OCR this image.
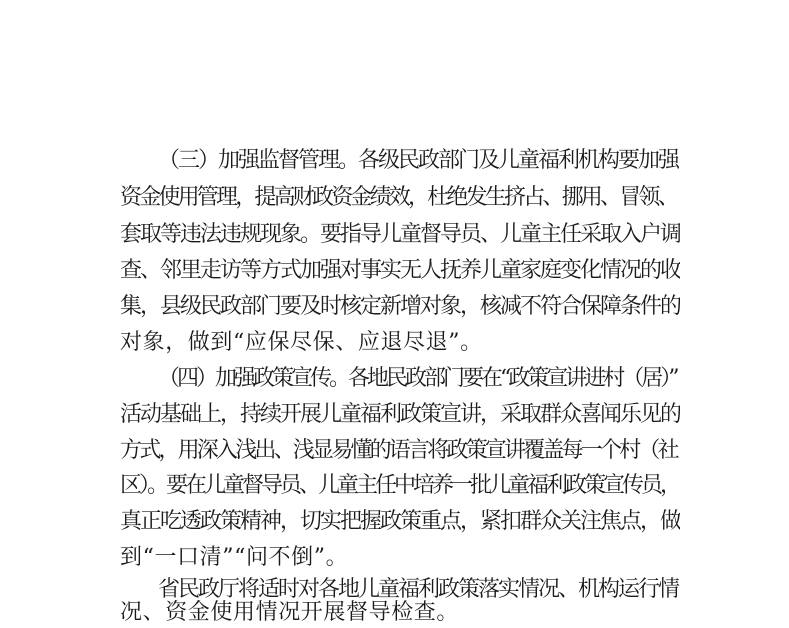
（三）加强监督管理。各级民政部门及儿童福利机构要加强
资金使用管理，提高财政资金绩效，杜绝发生挤占、挪用、冒领、
套取等违法违规现象。要指导儿童督导员、儿童主任采取入户调
查、邻里走访等方式加强对事实无人抚养儿童家庭变化情况的收
集，县级民政部门要及时核定新增对象，核减不符合保障条件的
对象，做到“应保尽保、应退尽退”。
（四）加强政策宣传。各地民政部门要在“政策宣讲进村（居）”
活动基础上，持续开展儿童福利政策宣讲，采取群众喜闻乐见的
方式，用深入浅出、浅显易懂的语言将政策宣讲覆盖每一个村（社
区）。要在儿童督导员、儿童主任中培养一批儿童福利政策宣传员，
真正吃透政策精神，切实把握政策重点，紧扣群众关注焦点，做
到“一口清”“问不倒”。
省民政厅将适时对各地儿童福利政策落实情况、机构运行情
况、资金使用情况开展督导检查。
